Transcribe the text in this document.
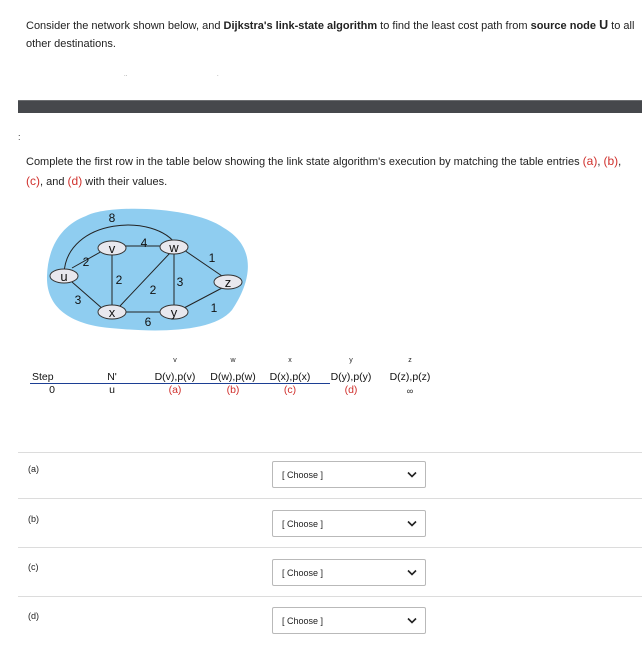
Consider the network shown below, and Dijkstra's link-state algorithm to find the least cost path from source node U to all other destinations.
..	.
:
Complete the first row in the table below showing the link state algorithm's execution by matching the table entries (a), (b), (c), and (d) with their values.
8
2
3
4
2
2
3
6
1
1
u
v	w
x	y
z
v	w	x	y	z
Step	N'	D(v),p(v) D(w),p(w) D(x),p(x) D(y),p(y) D(z),p(z)
0	u	(a)	(b)	(c)	(d)	∞
(a)
[ Choose ]
(b)	[ Choose ]
(c)
[ Choose ]
(d)	[ Choose ]
